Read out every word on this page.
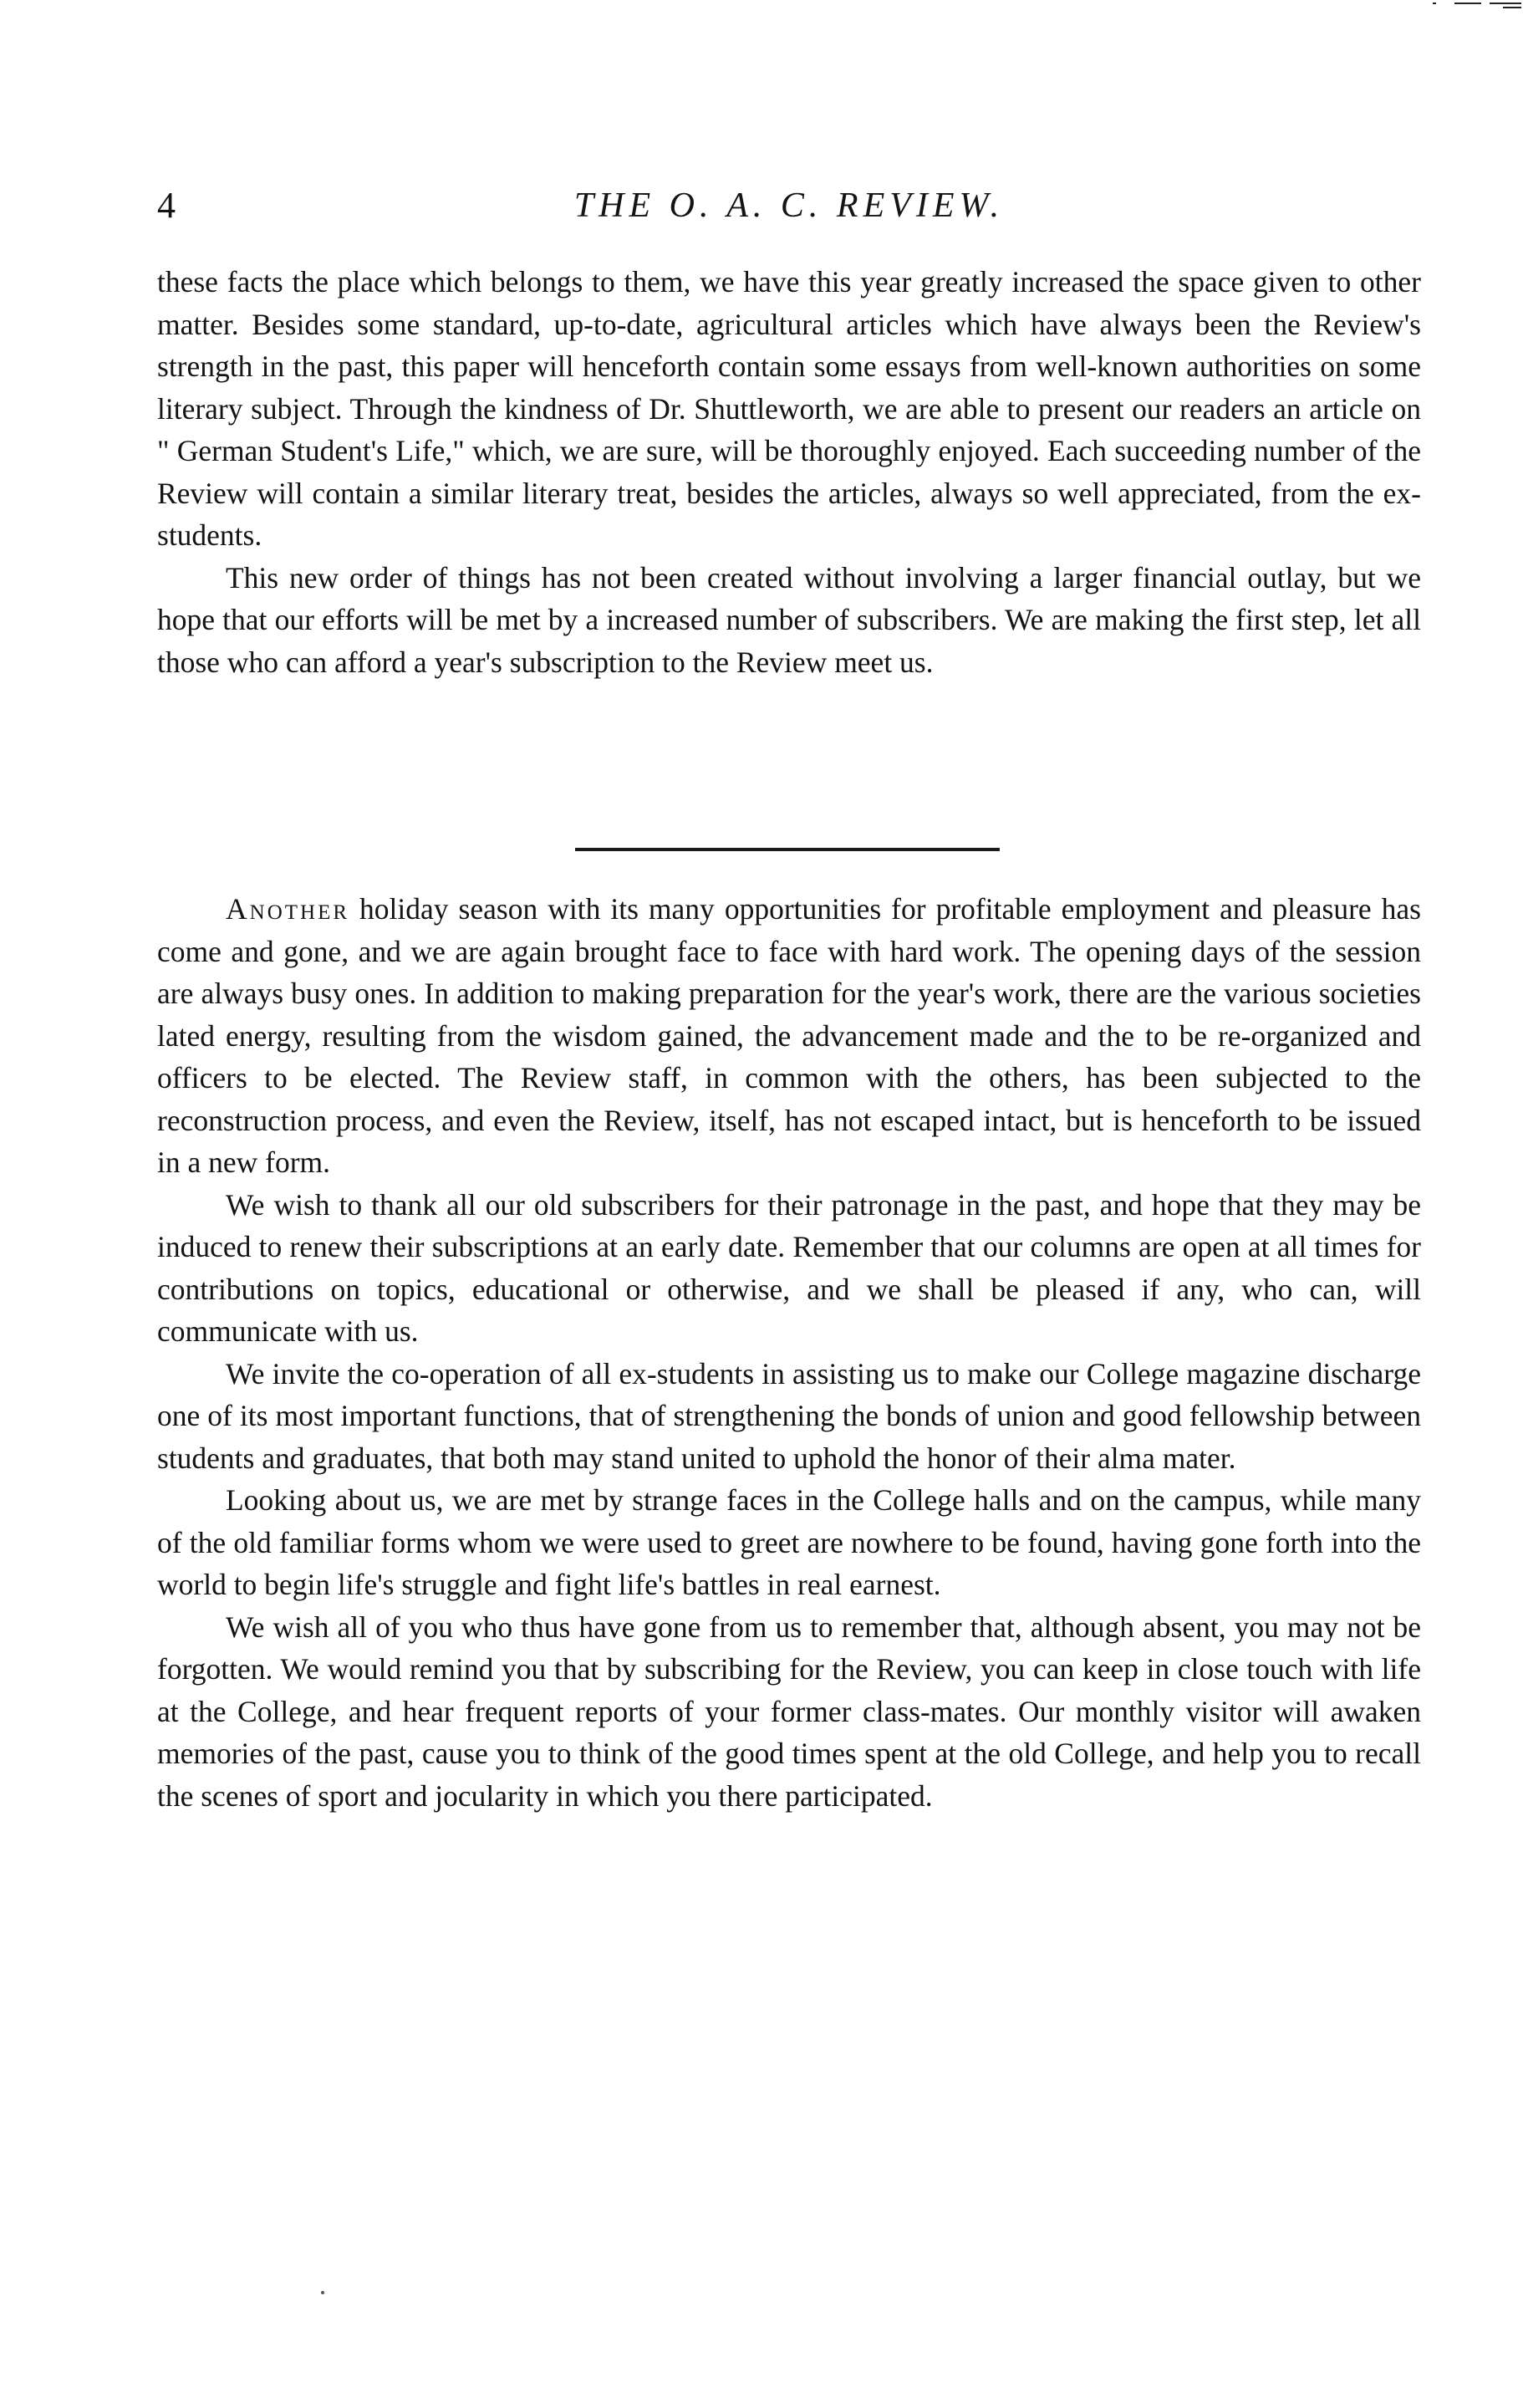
4	THE O. A. C. REVIEW.

these facts the place which belongs to them, we have this year greatly increased the space given to other matter. Besides some standard, up-to-date, agricultural articles which have always been the Review's strength in the past, this paper will henceforth contain some essays from well-known authorities on some literary subject. Through the kindness of Dr. Shuttleworth, we are able to present our readers an article on " German Student's Life," which, we are sure, will be thoroughly enjoyed. Each succeeding number of the Review will contain a similar literary treat, besides the articles, always so well appreciated, from the ex-students.

This new order of things has not been created without involving a larger financial outlay, but we hope that our efforts will be met by a increased number of subscribers. We are making the first step, let all those who can afford a year's subscription to the Review meet us.

Another holiday season with its many opportunities for profitable employment and pleasure has come and gone, and we are again brought face to face with hard work. The opening days of the session are always busy ones. In addition to making preparation for the year's work, there are the various societies lated energy, resulting from the wisdom gained, the advancement made and the to be re-organized and officers to be elected. The Review staff, in common with the others, has been subjected to the reconstruction process, and even the Review, itself, has not escaped intact, but is henceforth to be issued in a new form.

We wish to thank all our old subscribers for their patronage in the past, and hope that they may be induced to renew their subscriptions at an early date. Remember that our columns are open at all times for contributions on topics, educational or otherwise, and we shall be pleased if any, who can, will communicate with us.

We invite the co-operation of all ex-students in assisting us to make our College magazine discharge one of its most important functions, that of strengthening the bonds of union and good fellowship between students and graduates, that both may stand united to uphold the honor of their alma mater.

Looking about us, we are met by strange faces in the College halls and on the campus, while many of the old familiar forms whom we were used to greet are nowhere to be found, having gone forth into the world to begin life's struggle and fight life's battles in real earnest.

We wish all of you who thus have gone from us to remember that, although absent, you may not be forgotten. We would remind you that by subscribing for the Review, you can keep in close touch with life at the College, and hear frequent reports of your former class-mates. Our monthly visitor will awaken memories of the past, cause you to think of the good times spent at the old College, and help you to recall the scenes of sport and jocularity in which you there participated.
